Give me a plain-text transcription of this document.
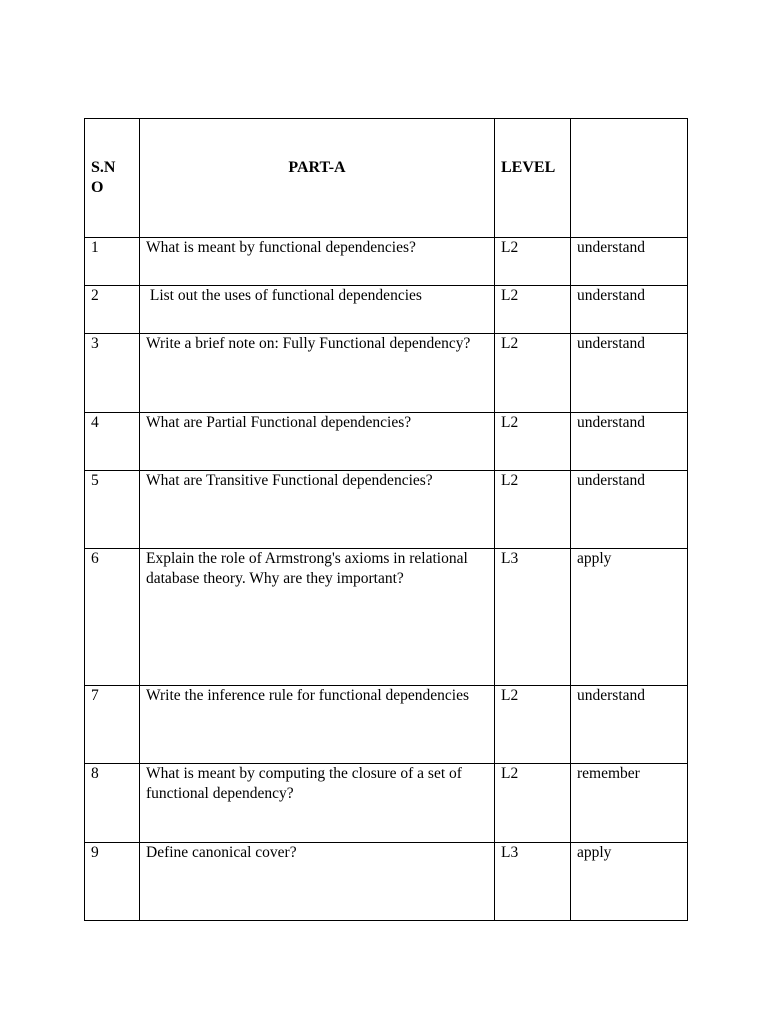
S.NO	PART-A	LEVEL	

1	What is meant by functional dependencies?	L2	understand

2	List out the uses of functional dependencies	L2	understand

3	Write a brief note on: Fully Functional dependency?	L2	understand

4	What are Partial Functional dependencies?	L2	understand

5	What are Transitive Functional dependencies?	L2	understand

6	Explain the role of Armstrong's axioms in relational database theory. Why are they important?	L3	apply

7	Write the inference rule for functional dependencies	L2	understand

8	What is meant by computing the closure of a set of functional dependency?	L2	remember

9	Define canonical cover?	L3	apply
